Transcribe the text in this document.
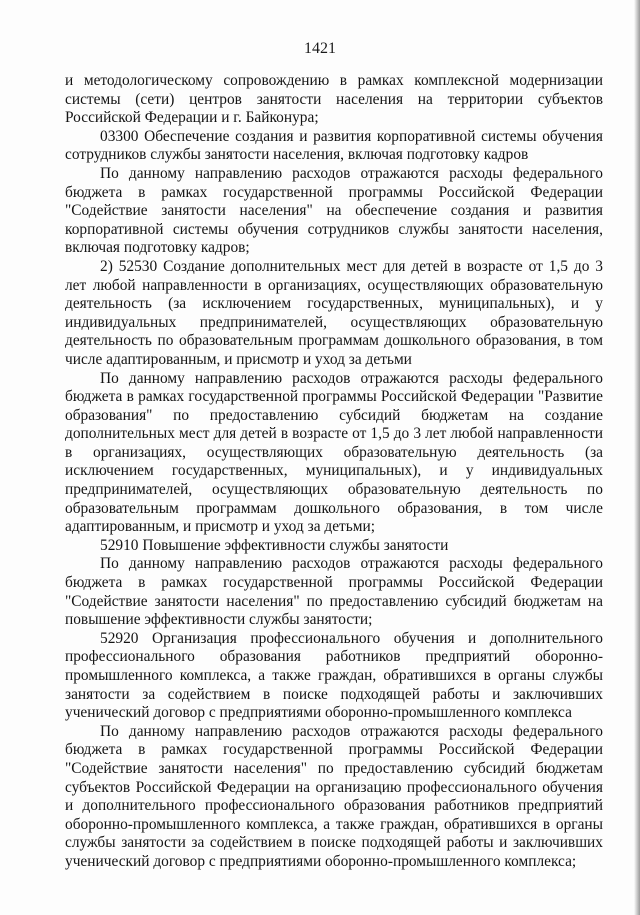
1421

и методологическому сопровождению в рамках комплексной модернизации системы (сети) центров занятости населения на территории субъектов Российской Федерации и г. Байконура;

03300 Обеспечение создания и развития корпоративной системы обучения сотрудников службы занятости населения, включая подготовку кадров

По данному направлению расходов отражаются расходы федерального бюджета в рамках государственной программы Российской Федерации "Содействие занятости населения" на обеспечение создания и развития корпоративной системы обучения сотрудников службы занятости населения, включая подготовку кадров;

2) 52530 Создание дополнительных мест для детей в возрасте от 1,5 до 3 лет любой направленности в организациях, осуществляющих образовательную деятельность (за исключением государственных, муниципальных), и у индивидуальных предпринимателей, осуществляющих образовательную деятельность по образовательным программам дошкольного образования, в том числе адаптированным, и присмотр и уход за детьми

По данному направлению расходов отражаются расходы федерального бюджета в рамках государственной программы Российской Федерации "Развитие образования" по предоставлению субсидий бюджетам на создание дополнительных мест для детей в возрасте от 1,5 до 3 лет любой направленности в организациях, осуществляющих образовательную деятельность (за исключением государственных, муниципальных), и у индивидуальных предпринимателей, осуществляющих образовательную деятельность по образовательным программам дошкольного образования, в том числе адаптированным, и присмотр и уход за детьми;

52910 Повышение эффективности службы занятости

По данному направлению расходов отражаются расходы федерального бюджета в рамках государственной программы Российской Федерации "Содействие занятости населения" по предоставлению субсидий бюджетам на повышение эффективности службы занятости;

52920 Организация профессионального обучения и дополнительного профессионального образования работников предприятий оборонно-промышленного комплекса, а также граждан, обратившихся в органы службы занятости за содействием в поиске подходящей работы и заключивших ученический договор с предприятиями оборонно-промышленного комплекса

По данному направлению расходов отражаются расходы федерального бюджета в рамках государственной программы Российской Федерации "Содействие занятости населения" по предоставлению субсидий бюджетам субъектов Российской Федерации на организацию профессионального обучения и дополнительного профессионального образования работников предприятий оборонно-промышленного комплекса, а также граждан, обратившихся в органы службы занятости за содействием в поиске подходящей работы и заключивших ученический договор с предприятиями оборонно-промышленного комплекса;
